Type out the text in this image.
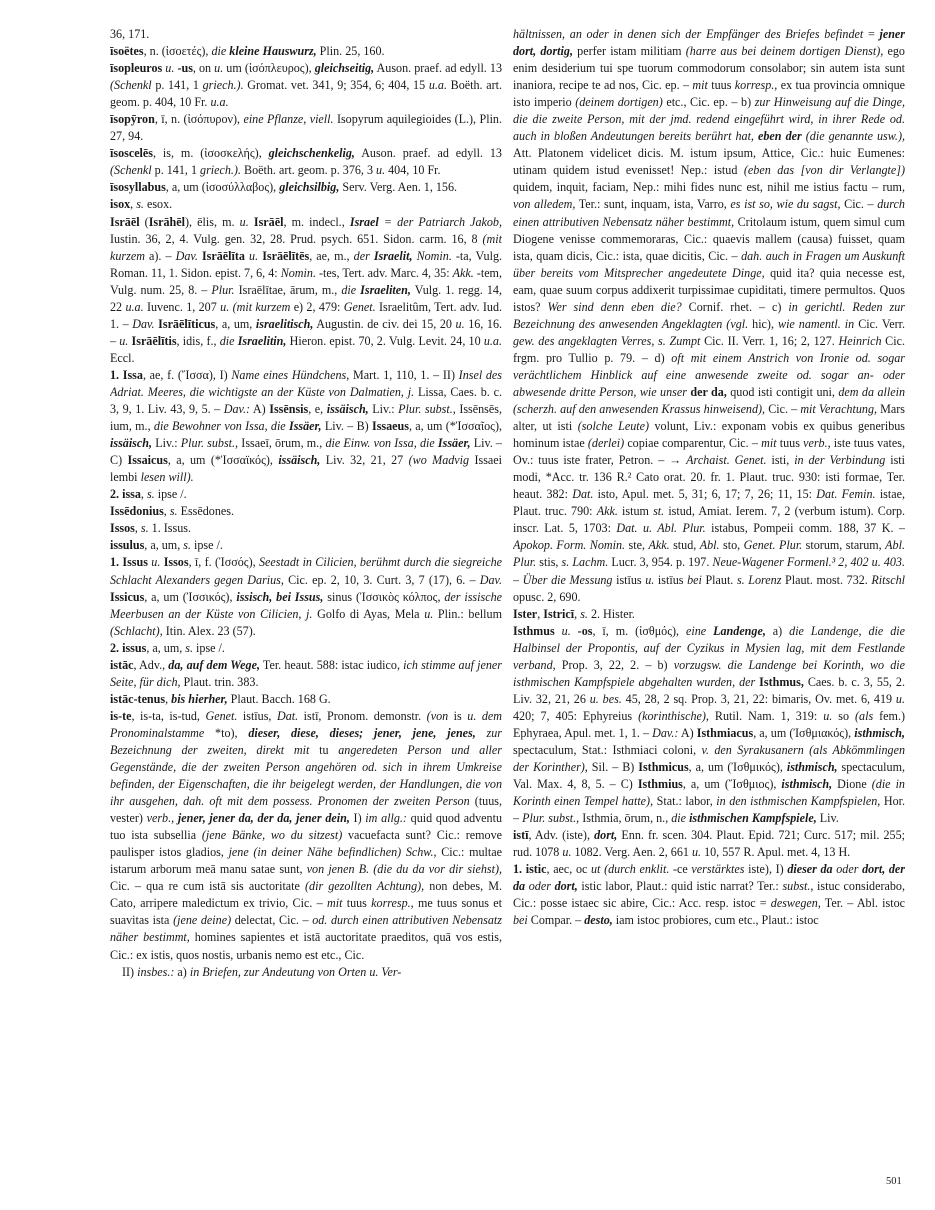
36, 171.

īsoëtes, n. (ἰσοετές), die kleine Hauswurz, Plin. 25, 160.

īsopleuros u. -us, on u. um (ἰσόπλευρος), gleichseitig, Auson. praef. ad edyll. 13 (Schenkl p. 141, 1 griech.). Gromat. vet. 341, 9; 354, 6; 404, 15 u.a. Boëth. art. geom. p. 404, 10 Fr. u.a.

īsopȳron, ī, n. (ἰσόπυρον), eine Pflanze, viell. Isopyrum aquilegioides (L.), Plin. 27, 94.

īsoscelēs, is, m. (ἰσοσκελής), gleichschenkelig, Auson. praef. ad edyll. 13 (Schenkl p. 141, 1 griech.). Boëth. art. geom. p. 376, 3 u. 404, 10 Fr.

īsosyllabus, a, um (ἰσοσύλλαβος), gleichsilbig, Serv. Verg. Aen. 1, 156.

isox, s. esox.

Isrāēl (Isrāhēl), ēlis, m. u. Isrāēl, m. indecl., Israel = der Patriarch Jakob, Iustin. 36, 2, 4. Vulg. gen. 32, 28. Prud. psych. 651. Sidon. carm. 16, 8 (mit kurzem a). – Dav. Isrāēlīta u. Isrāēlītēs, ae, m., der Israelit, Nomin. -ta, Vulg. Roman. 11, 1. Sidon. epist. 7, 6, 4: Nomin. -tes, Tert. adv. Marc. 4, 35: Akk. -tem, Vulg. num. 25, 8. – Plur. Israēlītae, ārum, m., die Israeliten, Vulg. 1. regg. 14, 22 u.a. Iuvenc. 1, 207 u. (mit kurzem e) 2, 479: Genet. Israelitûm, Tert. adv. Iud. 1. – Dav. Isrāēlīticus, a, um, israelitisch, Augustin. de civ. dei 15, 20 u. 16, 16. – u. Isrāēlītis, idis, f., die Israelitin, Hieron. epist. 70, 2. Vulg. Levit. 24, 10 u.a. Eccl.

1. Issa, ae, f. (Ἴσσα), I) Name eines Hündchens, Mart. 1, 110, 1. – II) Insel des Adriat. Meeres, die wichtigste an der Küste von Dalmatien, j. Lissa, Caes. b. c. 3, 9, 1. Liv. 43, 9, 5. – Dav.: A) Issēnsis, e, issäisch, Liv.: Plur. subst., Issēnsēs, ium, m., die Bewohner von Issa, die Issäer, Liv. – B) Issaeus, a, um (*Ἰσσαῖος), issäisch, Liv.: Plur. subst., Issaeī, ōrum, m., die Einw. von Issa, die Issäer, Liv. – C) Issaicus, a, um (*Ἰσσαϊκός), issäisch, Liv. 32, 21, 27 (wo Madvig Issaei lembi lesen will).

2. issa, s. ipse /.

Issēdonius, s. Essēdones.

Issos, s. 1. Issus.

issulus, a, um, s. ipse /.

1. Issus u. Issos, ī, f. (Ἰσσός), Seestadt in Cilicien, berühmt durch die siegreiche Schlacht Alexanders gegen Darius, Cic. ep. 2, 10, 3. Curt. 3, 7 (17), 6. – Dav. Issicus, a, um (Ἰσσικός), issisch, bei Issus, sinus (Ἰσσικὸς κόλπος, der issische Meerbusen an der Küste von Cilicien, j. Golfo di Ayas, Mela u. Plin.: bellum (Schlacht), Itin. Alex. 23 (57).

2. issus, a, um, s. ipse /.

istāc, Adv., da, auf dem Wege, Ter. heaut. 588: istac iudico, ich stimme auf jener Seite, für dich, Plaut. trin. 383.

istāc-tenus, bis hierher, Plaut. Bacch. 168 G.

is-te, is-ta, is-tud, Genet. istīus, Dat. istī, Pronom. demonstr. (von is u. dem Pronominalstamme *to), dieser, diese, dieses; jener, jene, jenes, zur Bezeichnung der zweiten, direkt mit tu angeredeten Person und aller Gegenstände, die der zweiten Person angehören od. sich in ihrem Umkreise befinden, der Eigenschaften, die ihr beigelegt werden, der Handlungen, die von ihr ausgehen, dah. oft mit dem possess. Pronomen der zweiten Person (tuus, vester) verb., jener, jener da, der da, jener dein, I) im allg.: quid quod adventu tuo ista subsellia (jene Bänke, wo du sitzest) vacuefacta sunt? Cic.: remove paulisper istos gladios, jene (in deiner Nähe befindlichen) Schw., Cic.: multae istarum arborum meā manu satae sunt, von jenen B. (die du da vor dir siehst), Cic. – qua re cum istā sis auctoritate (dir gezollten Achtung), non debes, M. Cato, arripere maledictum ex trivio, Cic. – mit tuus korresp., me tuus sonus et suavitas ista (jene deine) delectat, Cic. – od. durch einen attributiven Nebensatz näher bestimmt, homines sapientes et istā auctoritate praeditos, quā vos estis, Cic.: ex istis, quos nostis, urbanis nemo est etc., Cic.

II) insbes.: a) in Briefen, zur Andeutung von Orten u. Ver-

hältnissen, an oder in denen sich der Empfänger des Briefes befindet = jener dort, dortig, perfer istam militiam (harre aus bei deinem dortigen Dienst), ego enim desiderium tui spe tuorum commodorum consolabor; sin autem ista sunt inaniora, recipe te ad nos, Cic. ep. – mit tuus korresp., ex tua provincia omnique isto imperio (deinem dortigen) etc., Cic. ep. – b) zur Hinweisung auf die Dinge, die die zweite Person, mit der jmd. redend eingeführt wird, in ihrer Rede od. auch in bloßen Andeutungen bereits berührt hat, eben der (die genannte usw.), Att. Platonem videlicet dicis. M. istum ipsum, Attice, Cic.: huic Eumenes: utinam quidem istud evenisset! Nep.: istud (eben das [von dir Verlangte]) quidem, inquit, faciam, Nep.: mihi fides nunc est, nihil me istius factu – rum, von alledem, Ter.: sunt, inquam, ista, Varro, es ist so, wie du sagst, Cic. – durch einen attributiven Nebensatz näher bestimmt, Critolaum istum, quem simul cum Diogene venisse commemoraras, Cic.: quaevis mallem (causa) fuisset, quam ista, quam dicis, Cic.: ista, quae dicitis, Cic. – dah. auch in Fragen um Auskunft über bereits vom Mitsprecher angedeutete Dinge, quid ita? quia necesse est, eam, quae suum corpus addixerit turpissimae cupiditati, timere permultos. Quos istos? Wer sind denn eben die? Cornif. rhet. – c) in gerichtl. Reden zur Bezeichnung des anwesenden Angeklagten (vgl. hic), wie namentl. in Cic. Verr. gew. des angeklagten Verres, s. Zumpt Cic. II. Verr. 1, 16; 2, 127. Heinrich Cic. frgm. pro Tullio p. 79. – d) oft mit einem Anstrich von Ironie od. sogar verächtlichem Hinblick auf eine anwesende zweite od. sogar an- oder abwesende dritte Person, wie unser der da, quod isti contigit uni, dem da allein (scherzh. auf den anwesenden Krassus hinweisend), Cic. – mit Verachtung, Mars alter, ut isti (solche Leute) volunt, Liv.: exponam vobis ex quibus generibus hominum istae (derlei) copiae comparentur, Cic. – mit tuus verb., iste tuus vates, Ov.: tuus iste frater, Petron. – → Archaist. Genet. isti, in der Verbindung isti modi, *Acc. tr. 136 R.² Cato orat. 20. fr. 1. Plaut. truc. 930: isti formae, Ter. heaut. 382: Dat. isto, Apul. met. 5, 31; 6, 17; 7, 26; 11, 15: Dat. Femin. istae, Plaut. truc. 790: Akk. istum st. istud, Amiat. Ierem. 7, 2 (verbum istum). Corp. inscr. Lat. 5, 1703: Dat. u. Abl. Plur. istabus, Pompeii comm. 188, 37 K. – Apokop. Form. Nomin. ste, Akk. stud, Abl. sto, Genet. Plur. storum, starum, Abl. Plur. stis, s. Lachm. Lucr. 3, 954. p. 197. Neue-Wagener Formenl.³ 2, 402 u. 403. – Über die Messung istīus u. istīus bei Plaut. s. Lorenz Plaut. most. 732. Ritschl opusc. 2, 690.

Ister, Istricī, s. 2. Hister.

Isthmus u. -os, ī, m. (ἰσθμός), eine Landenge, a) die Landenge, die die Halbinsel der Propontis, auf der Cyzikus in Mysien lag, mit dem Festlande verband, Prop. 3, 22, 2. – b) vorzugsw. die Landenge bei Korinth, wo die isthmischen Kampfspiele abgehalten wurden, der Isthmus, Caes. b. c. 3, 55, 2. Liv. 32, 21, 26 u. bes. 45, 28, 2 sq. Prop. 3, 21, 22: bimaris, Ov. met. 6, 419 u. 420; 7, 405: Ephyreius (korinthische), Rutil. Nam. 1, 319: u. so (als fem.) Ephyraea, Apul. met. 1, 1. – Dav.: A) Isthmiacus, a, um (Ἰσθμιακός), isthmisch, spectaculum, Stat.: Isthmiaci coloni, v. den Syrakusanern (als Abkömmlingen der Korinther), Sil. – B) Isthmicus, a, um (Ἰσθμικός), isthmisch, spectaculum, Val. Max. 4, 8, 5. – C) Isthmius, a, um (Ἴσθμιος), isthmisch, Dione (die in Korinth einen Tempel hatte), Stat.: labor, in den isthmischen Kampfspielen, Hor. – Plur. subst., Isthmia, ōrum, n., die isthmischen Kampfspiele, Liv.

istī, Adv. (iste), dort, Enn. fr. scen. 304. Plaut. Epid. 721; Curc. 517; mil. 255; rud. 1078 u. 1082. Verg. Aen. 2, 661 u. 10, 557 R. Apul. met. 4, 13 H.

1. istic, aec, oc ut (durch enklit. -ce verstärktes iste), I) dieser da oder dort, der da oder dort, istic labor, Plaut.: quid istic narrat? Ter.: subst., istuc considerabo, Cic.: posse istaec sic abire, Cic.: Acc. resp. istoc = deswegen, Ter. – Abl. istoc bei Compar. – desto, iam istoc probiores, cum etc., Plaut.: istoc

501
